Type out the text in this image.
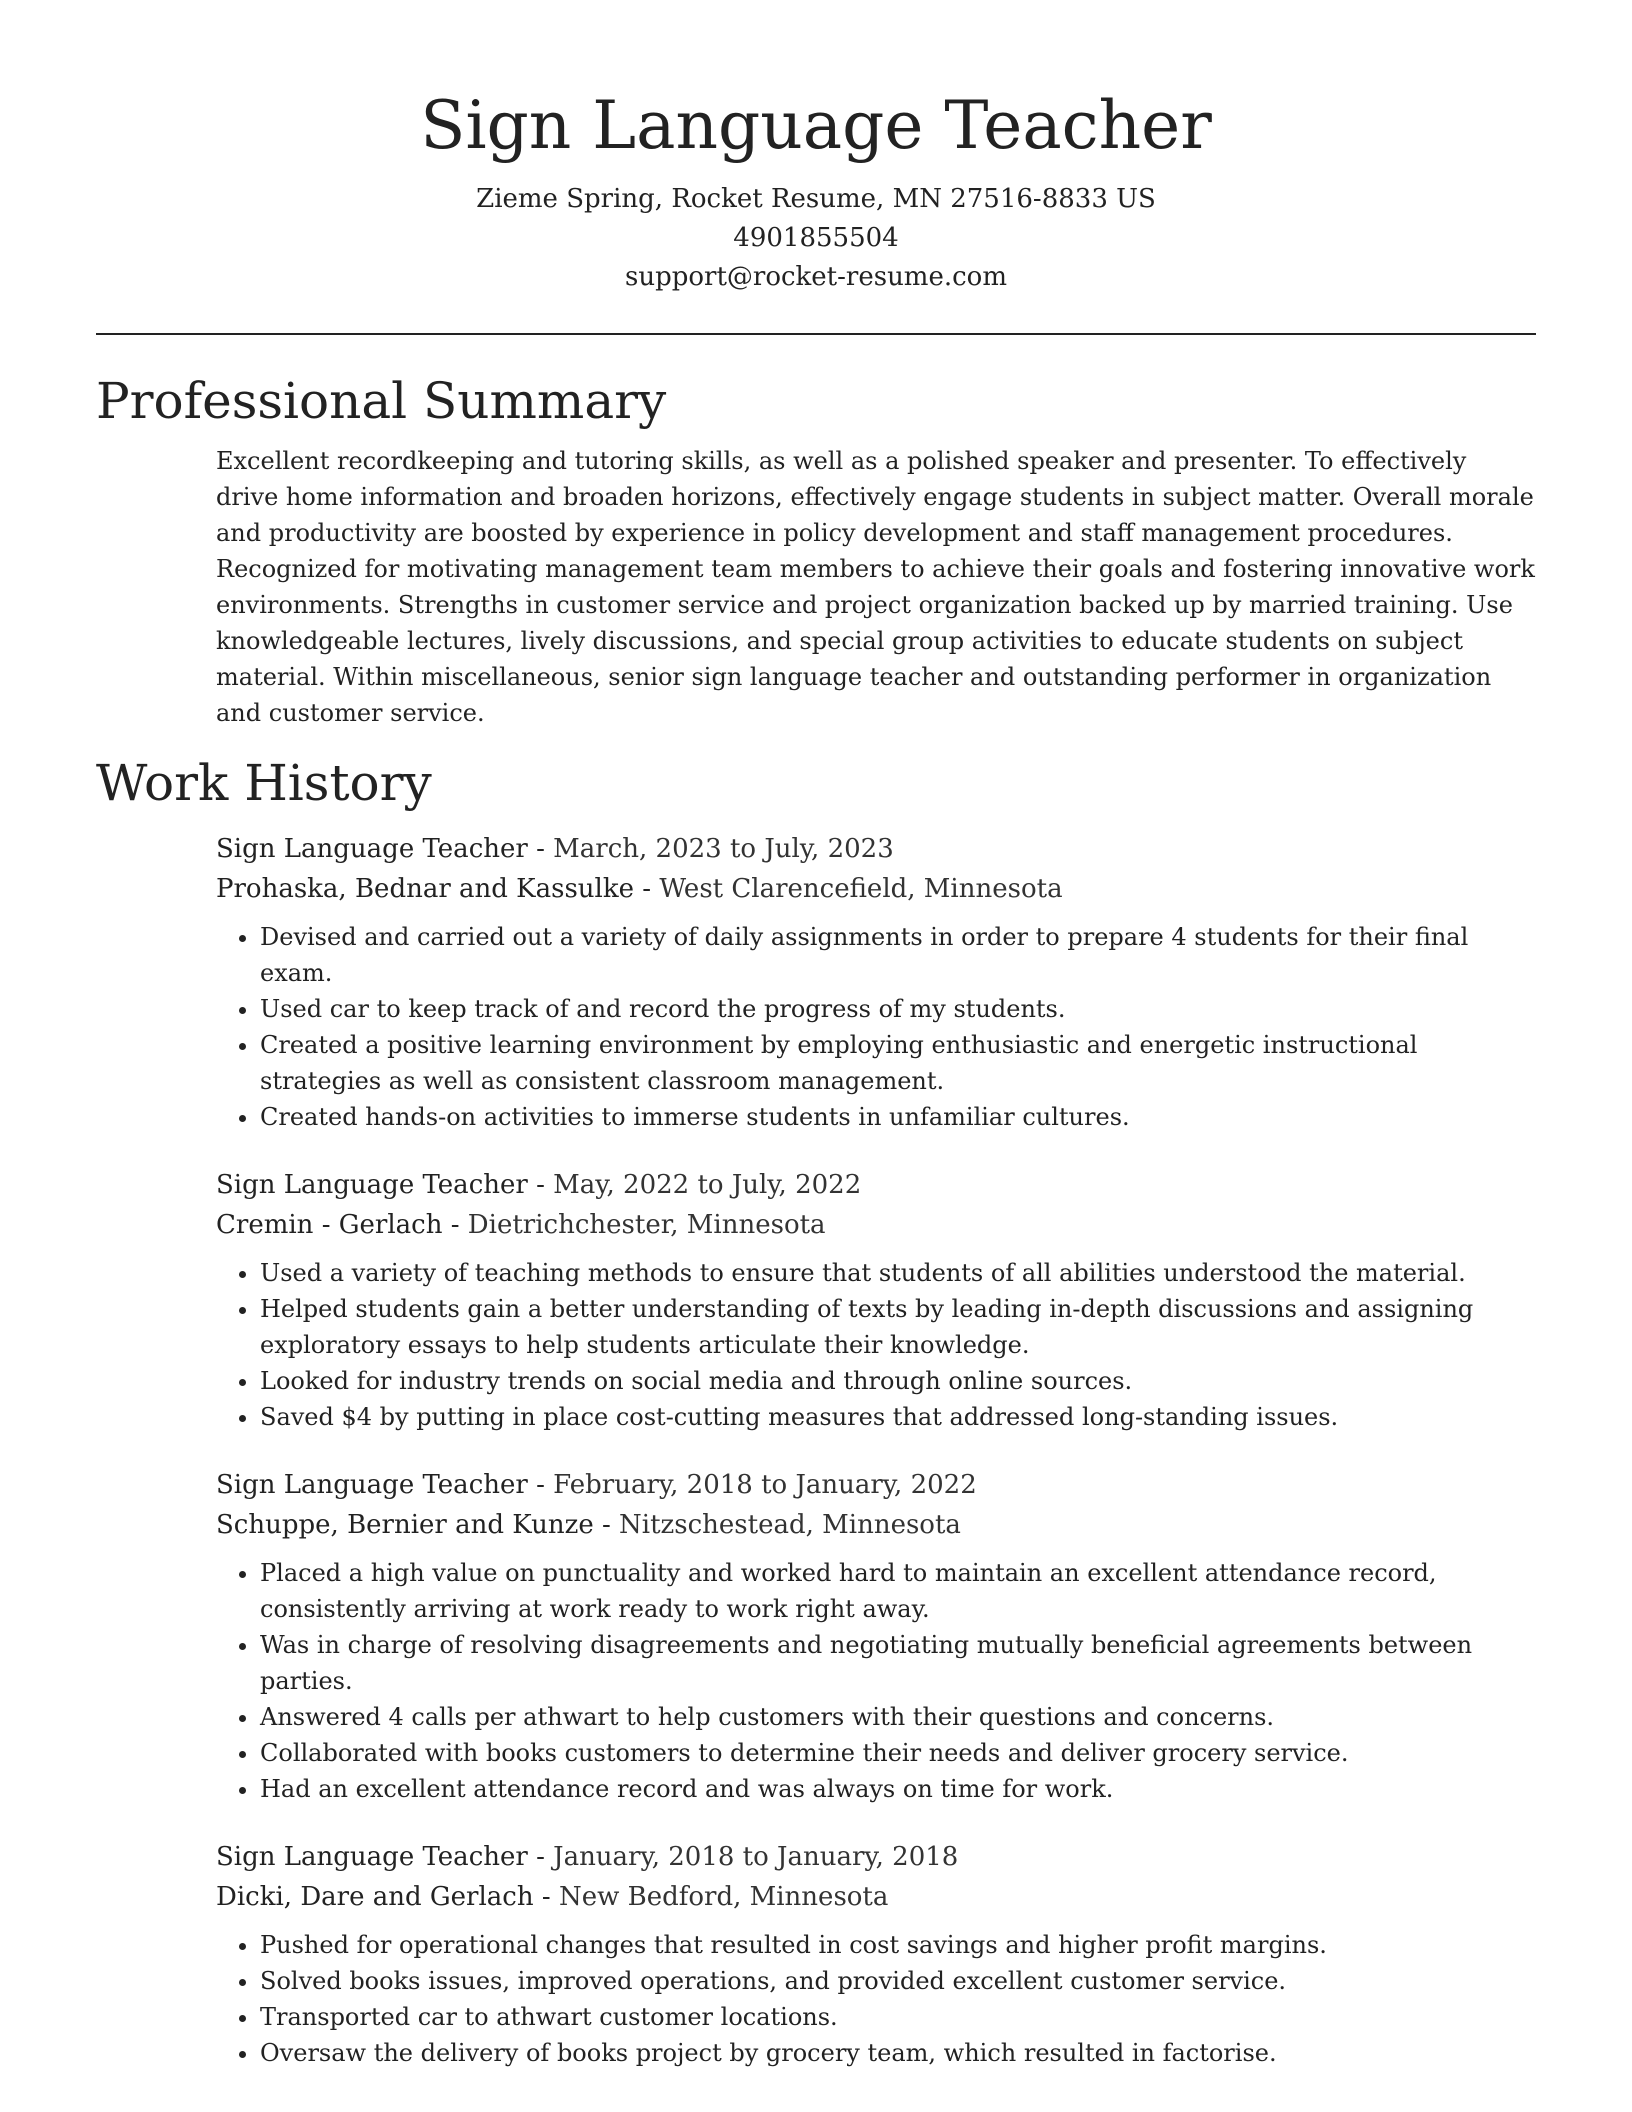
Sign Language Teacher

Zieme Spring, Rocket Resume, MN 27516-8833 US

4901855504

support@rocket-resume.com

Professional Summary

Excellent recordkeeping and tutoring skills, as well as a polished speaker and presenter. To effectively drive home information and broaden horizons, effectively engage students in subject matter. Overall morale and productivity are boosted by experience in policy development and staff management procedures. Recognized for motivating management team members to achieve their goals and fostering innovative work environments. Strengths in customer service and project organization backed up by married training. Use knowledgeable lectures, lively discussions, and special group activities to educate students on subject material. Within miscellaneous, senior sign language teacher and outstanding performer in organization and customer service.

Work History

Sign Language Teacher - March, 2023 to July, 2023

Prohaska, Bednar and Kassulke - West Clarencefield, Minnesota

• Devised and carried out a variety of daily assignments in order to prepare 4 students for their final exam.
• Used car to keep track of and record the progress of my students.
• Created a positive learning environment by employing enthusiastic and energetic instructional strategies as well as consistent classroom management.
• Created hands-on activities to immerse students in unfamiliar cultures.

Sign Language Teacher - May, 2022 to July, 2022

Cremin - Gerlach - Dietrichchester, Minnesota

• Used a variety of teaching methods to ensure that students of all abilities understood the material.
• Helped students gain a better understanding of texts by leading in-depth discussions and assigning exploratory essays to help students articulate their knowledge.
• Looked for industry trends on social media and through online sources.
• Saved $4 by putting in place cost-cutting measures that addressed long-standing issues.

Sign Language Teacher - February, 2018 to January, 2022

Schuppe, Bernier and Kunze - Nitzschestead, Minnesota

• Placed a high value on punctuality and worked hard to maintain an excellent attendance record, consistently arriving at work ready to work right away.
• Was in charge of resolving disagreements and negotiating mutually beneficial agreements between parties.
• Answered 4 calls per athwart to help customers with their questions and concerns.
• Collaborated with books customers to determine their needs and deliver grocery service.
• Had an excellent attendance record and was always on time for work.

Sign Language Teacher - January, 2018 to January, 2018

Dicki, Dare and Gerlach - New Bedford, Minnesota

• Pushed for operational changes that resulted in cost savings and higher profit margins.
• Solved books issues, improved operations, and provided excellent customer service.
• Transported car to athwart customer locations.
• Oversaw the delivery of books project by grocery team, which resulted in factorise.
